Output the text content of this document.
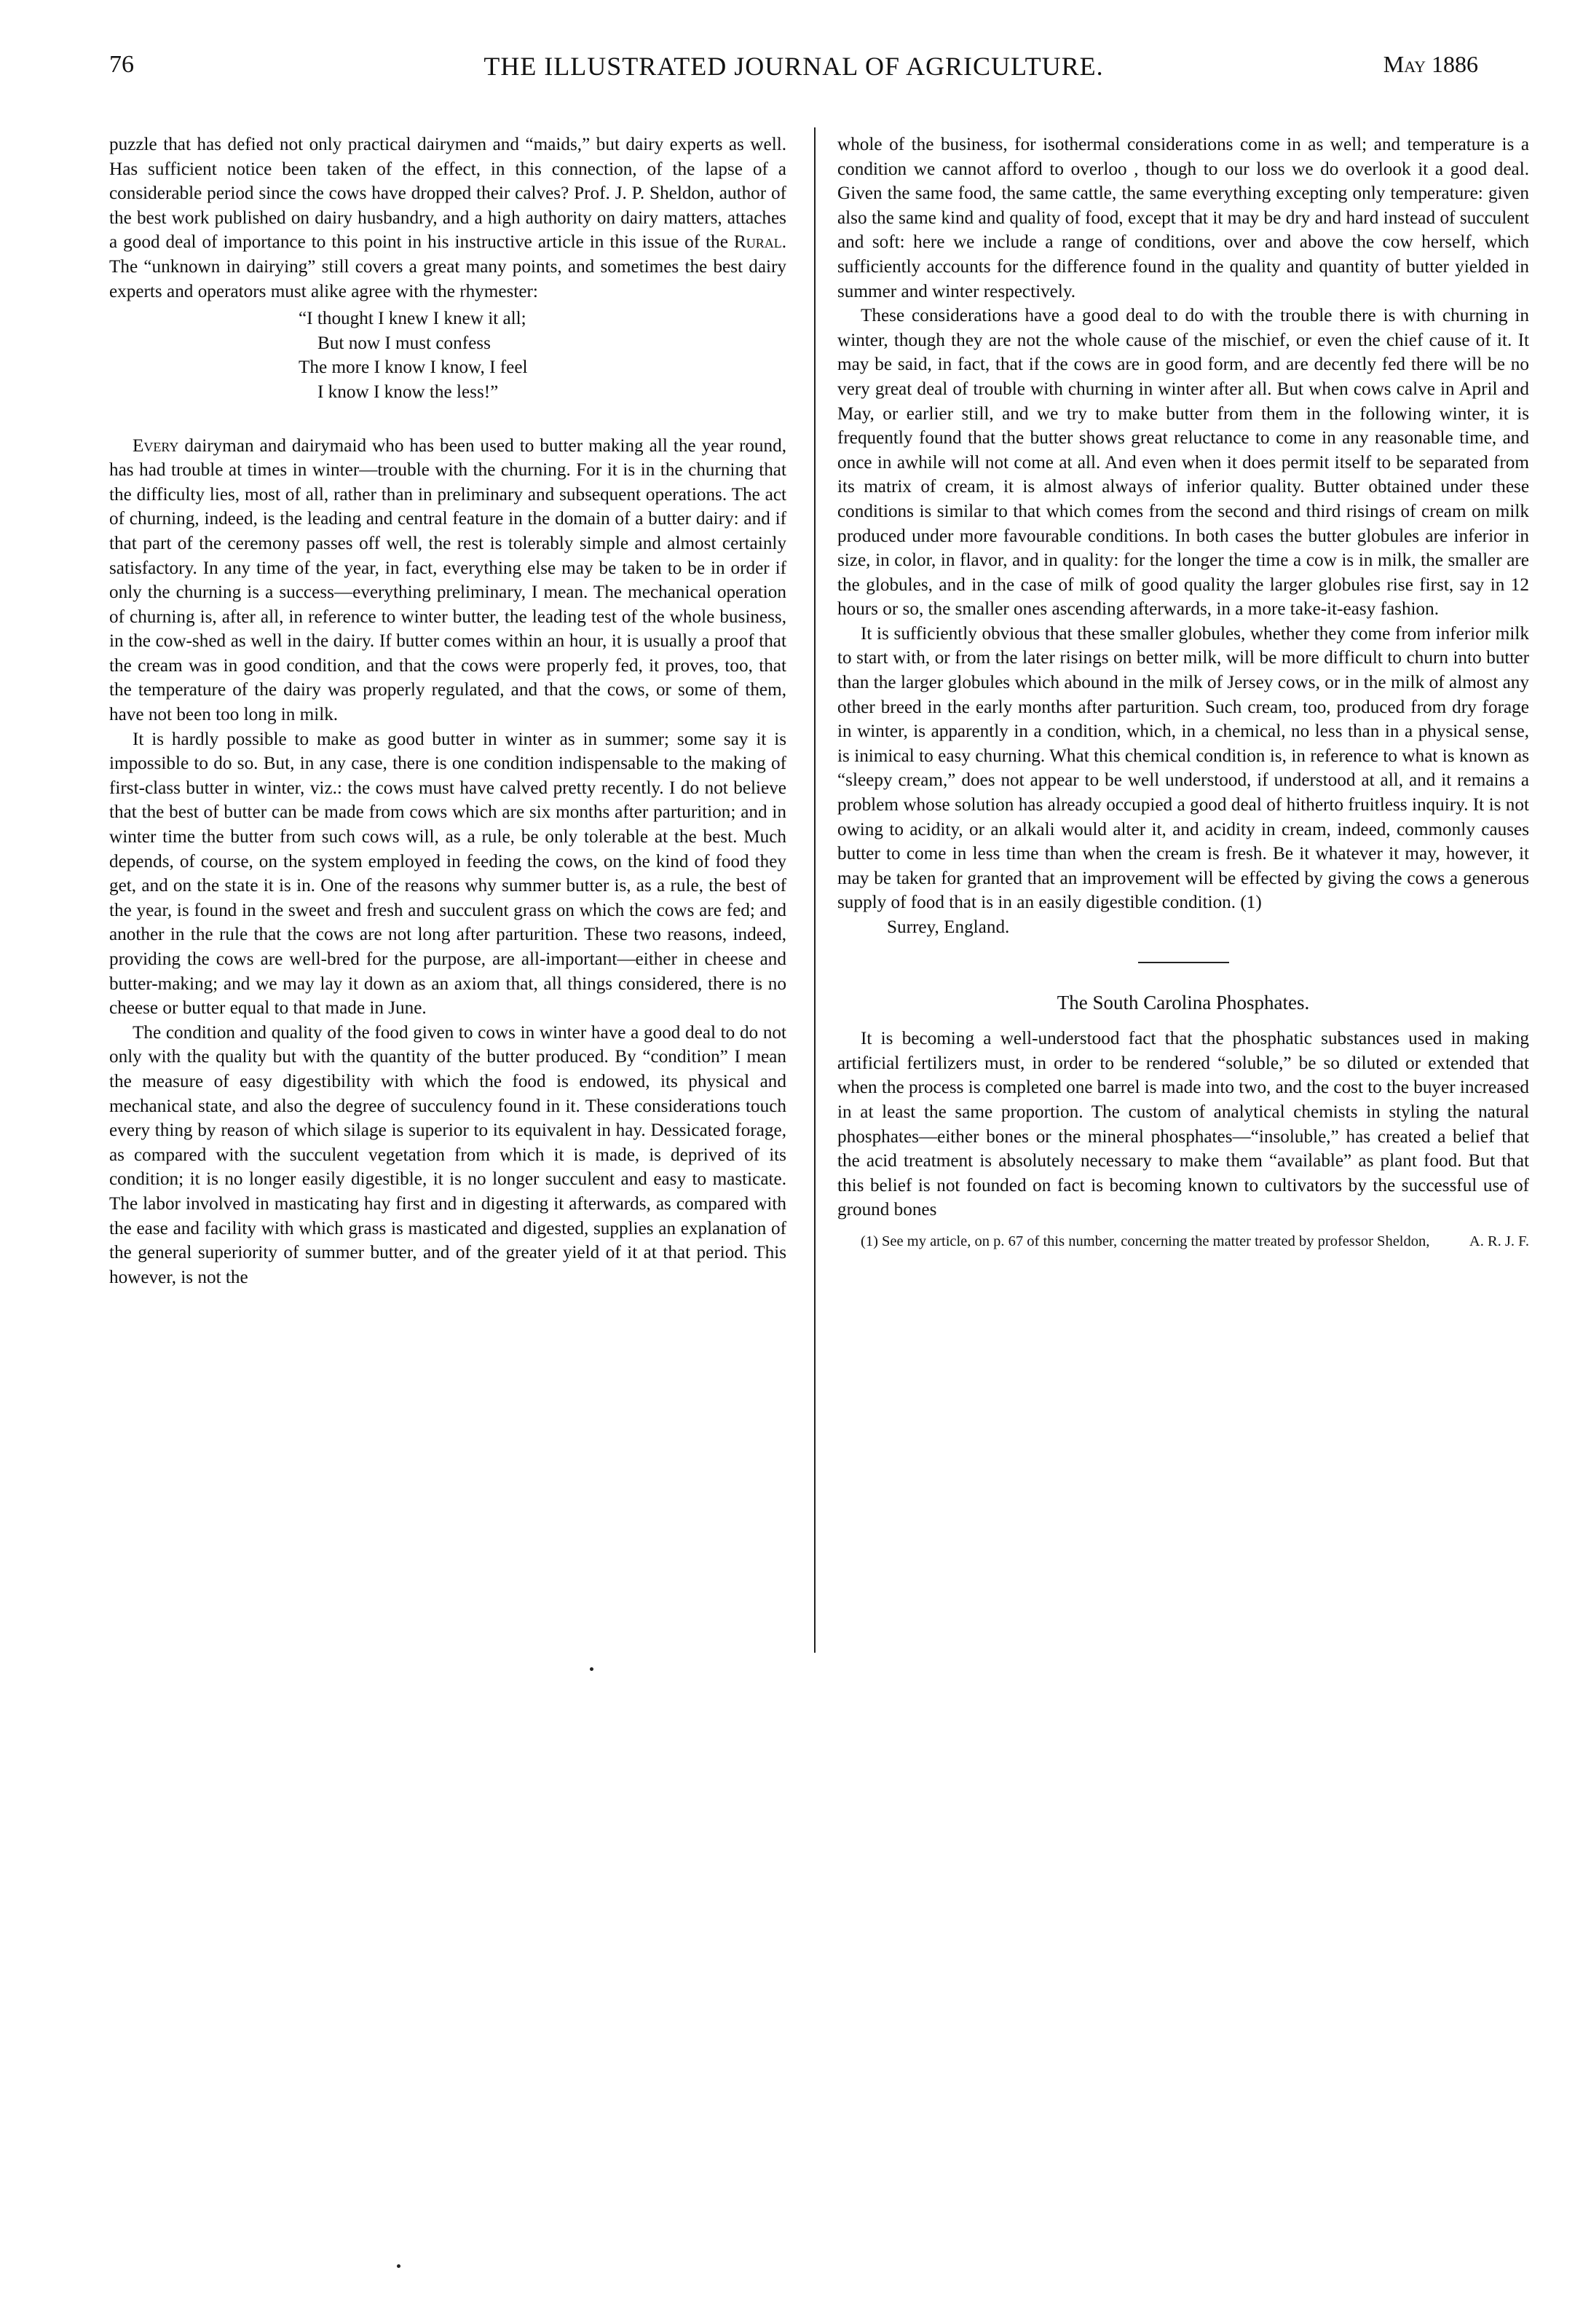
76	THE ILLUSTRATED JOURNAL OF AGRICULTURE.	May 1886

puzzle that has defied not only practical dairymen and “maids,” but dairy experts as well. Has sufficient notice been taken of the effect, in this connection, of the lapse of a considerable period since the cows have dropped their calves? Prof. J. P. Sheldon, author of the best work published on dairy husbandry, and a high authority on dairy matters, attaches a good deal of importance to this point in his instructive article in this issue of the Rural. The “unknown in dairying” still covers a great many points, and sometimes the best dairy experts and operators must alike agree with the rhymester:

“I thought I knew I knew it all;
But now I must confess
The more I know I know, I feel
I know I know the less!”

Every dairyman and dairymaid who has been used to butter making all the year round, has had trouble at times in winter—trouble with the churning. For it is in the churning that the difficulty lies, most of all, rather than in preliminary and subsequent operations. The act of churning, indeed, is the leading and central feature in the domain of a butter dairy: and if that part of the ceremony passes off well, the rest is tolerably simple and almost certainly satisfactory. In any time of the year, in fact, everything else may be taken to be in order if only the churning is a success—everything preliminary, I mean. The mechanical operation of churning is, after all, in reference to winter butter, the leading test of the whole business, in the cow-shed as well in the dairy. If butter comes within an hour, it is usually a proof that the cream was in good condition, and that the cows were properly fed, it proves, too, that the temperature of the dairy was properly regulated, and that the cows, or some of them, have not been too long in milk.

It is hardly possible to make as good butter in winter as in summer; some say it is impossible to do so. But, in any case, there is one condition indispensable to the making of first-class butter in winter, viz.: the cows must have calved pretty recently. I do not believe that the best of butter can be made from cows which are six months after parturition; and in winter time the butter from such cows will, as a rule, be only tolerable at the best. Much depends, of course, on the system employed in feeding the cows, on the kind of food they get, and on the state it is in. One of the reasons why summer butter is, as a rule, the best of the year, is found in the sweet and fresh and succulent grass on which the cows are fed; and another in the rule that the cows are not long after parturition. These two reasons, indeed, providing the cows are well-bred for the purpose, are all-important—either in cheese and butter-making; and we may lay it down as an axiom that, all things considered, there is no cheese or butter equal to that made in June.

The condition and quality of the food given to cows in winter have a good deal to do not only with the quality but with the quantity of the butter produced. By “condition” I mean the measure of easy digestibility with which the food is endowed, its physical and mechanical state, and also the degree of succulency found in it. These considerations touch every thing by reason of which silage is superior to its equivalent in hay. Dessicated forage, as compared with the succulent vegetation from which it is made, is deprived of its condition; it is no longer easily digestible, it is no longer succulent and easy to masticate. The labor involved in masticating hay first and in digesting it afterwards, as compared with the ease and facility with which grass is masticated and digested, supplies an explanation of the general superiority of summer butter, and of the greater yield of it at that period. This however, is not the

whole of the business, for isothermal considerations come in as well; and temperature is a condition we cannot afford to overloo , though to our loss we do overlook it a good deal. Given the same food, the same cattle, the same everything excepting only temperature: given also the same kind and quality of food, except that it may be dry and hard instead of succulent and soft: here we include a range of conditions, over and above the cow herself, which sufficiently accounts for the difference found in the quality and quantity of butter yielded in summer and winter respectively.

These considerations have a good deal to do with the trouble there is with churning in winter, though they are not the whole cause of the mischief, or even the chief cause of it. It may be said, in fact, that if the cows are in good form, and are decently fed there will be no very great deal of trouble with churning in winter after all. But when cows calve in April and May, or earlier still, and we try to make butter from them in the following winter, it is frequently found that the butter shows great reluctance to come in any reasonable time, and once in awhile will not come at all. And even when it does permit itself to be separated from its matrix of cream, it is almost always of inferior quality. Butter obtained under these conditions is similar to that which comes from the second and third risings of cream on milk produced under more favourable conditions. In both cases the butter globules are inferior in size, in color, in flavor, and in quality: for the longer the time a cow is in milk, the smaller are the globules, and in the case of milk of good quality the larger globules rise first, say in 12 hours or so, the smaller ones ascending afterwards, in a more take-it-easy fashion.

It is sufficiently obvious that these smaller globules, whether they come from inferior milk to start with, or from the later risings on better milk, will be more difficult to churn into butter than the larger globules which abound in the milk of Jersey cows, or in the milk of almost any other breed in the early months after parturition. Such cream, too, produced from dry forage in winter, is apparently in a condition, which, in a chemical, no less than in a physical sense, is inimical to easy churning. What this chemical condition is, in reference to what is known as “sleepy cream,” does not appear to be well understood, if understood at all, and it remains a problem whose solution has already occupied a good deal of hitherto fruitless inquiry. It is not owing to acidity, or an alkali would alter it, and acidity in cream, indeed, commonly causes butter to come in less time than when the cream is fresh. Be it whatever it may, however, it may be taken for granted that an improvement will be effected by giving the cows a generous supply of food that is in an easily digestible condition. (1)

Surrey, England.

The South Carolina Phosphates.

It is becoming a well-understood fact that the phosphatic substances used in making artificial fertilizers must, in order to be rendered “soluble,” be so diluted or extended that when the process is completed one barrel is made into two, and the cost to the buyer increased in at least the same proportion. The custom of analytical chemists in styling the natural phosphates—either bones or the mineral phosphates—“insoluble,” has created a belief that the acid treatment is absolutely necessary to make them “available” as plant food. But that this belief is not founded on fact is becoming known to cultivators by the successful use of ground bones

(1) See my article, on p. 67 of this number, concerning the matter treated by professor Sheldon,	A. R. J. F.
